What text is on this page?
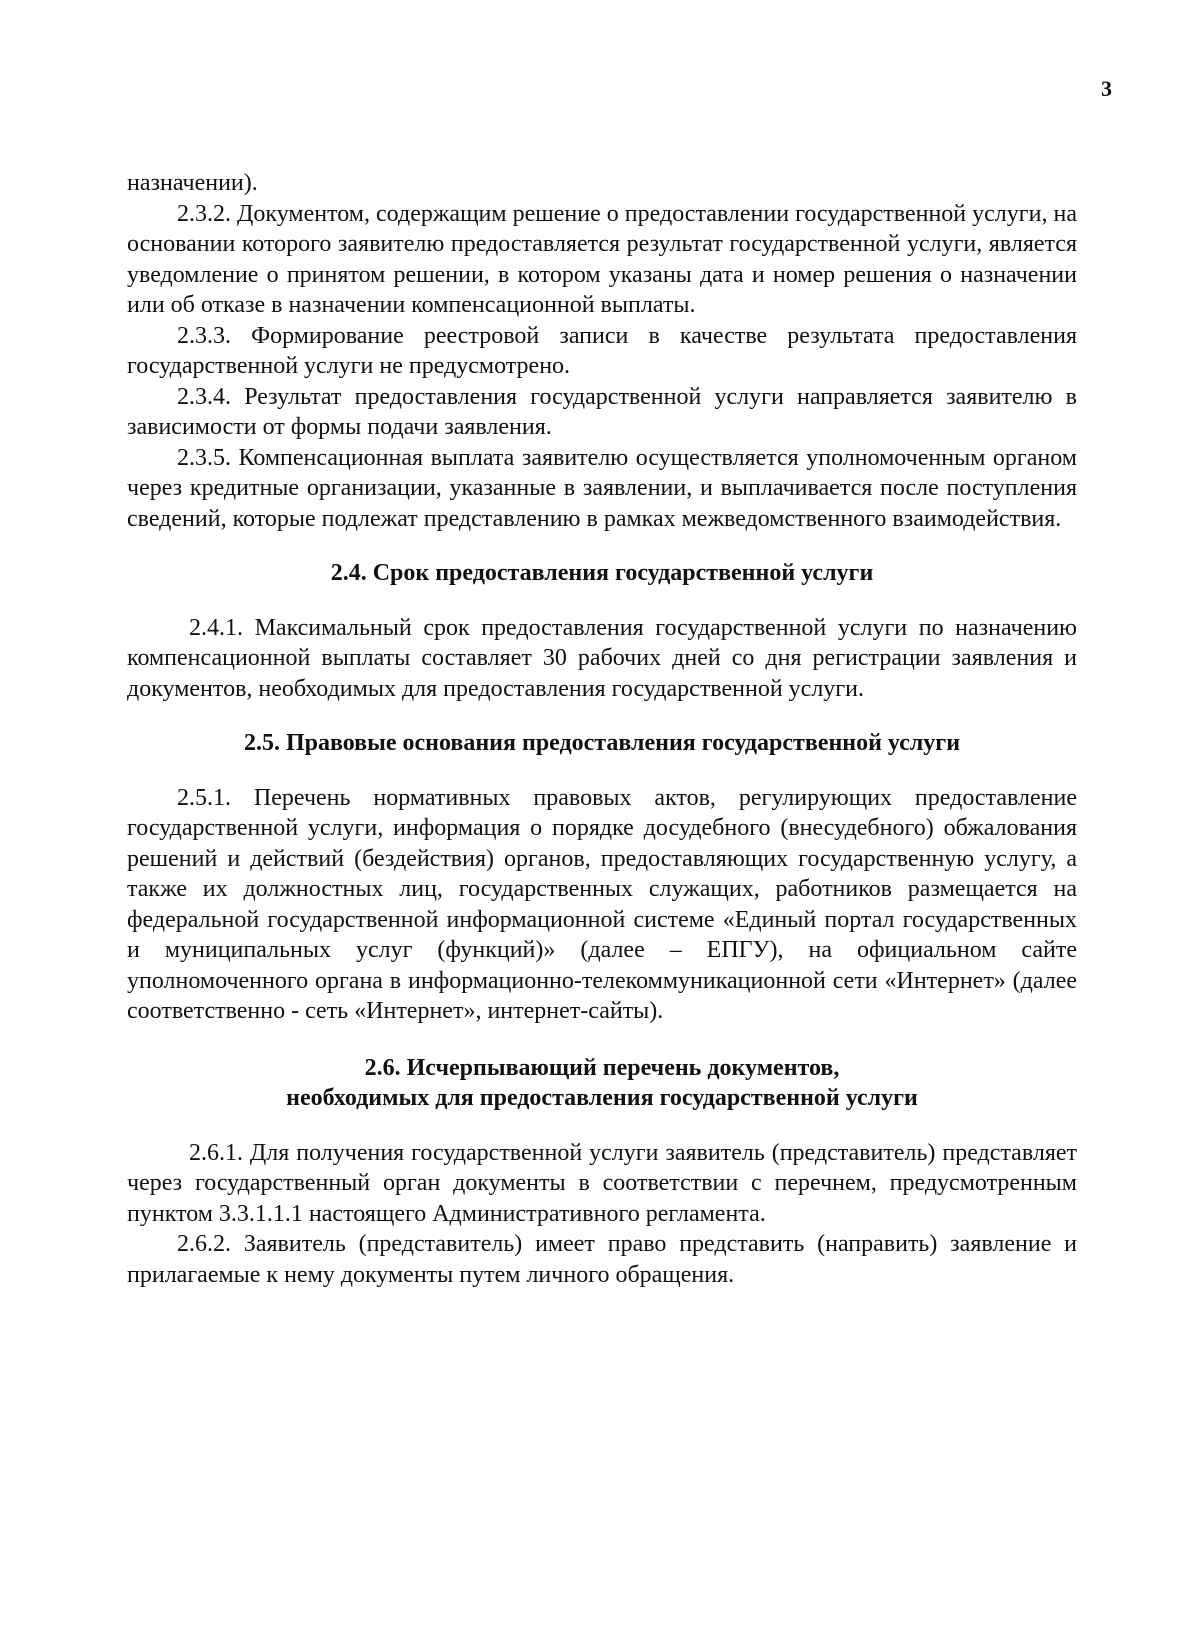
3

назначении).

2.3.2. Документом, содержащим решение о предоставлении государственной услуги, на основании которого заявителю предоставляется результат государственной услуги, является уведомление о принятом решении, в котором указаны дата и номер решения о назначении или об отказе в назначении компенсационной выплаты.

2.3.3. Формирование реестровой записи в качестве результата предоставления государственной услуги не предусмотрено.

2.3.4. Результат предоставления государственной услуги направляется заявителю в зависимости от формы подачи заявления.

2.3.5. Компенсационная выплата заявителю осуществляется уполномоченным органом через кредитные организации, указанные в заявлении, и выплачивается после поступления сведений, которые подлежат представлению в рамках межведомственного взаимодействия.

2.4. Срок предоставления государственной услуги

2.4.1. Максимальный срок предоставления государственной услуги по назначению компенсационной выплаты составляет 30 рабочих дней со дня регистрации заявления и документов, необходимых для предоставления государственной услуги.

2.5. Правовые основания предоставления государственной услуги

2.5.1. Перечень нормативных правовых актов, регулирующих предоставление государственной услуги, информация о порядке досудебного (внесудебного) обжалования решений и действий (бездействия) органов, предоставляющих государственную услугу, а также их должностных лиц, государственных служащих, работников размещается на федеральной государственной информационной системе «Единый портал государственных и муниципальных услуг (функций)» (далее – ЕПГУ), на официальном сайте уполномоченного органа в информационно-телекоммуникационной сети «Интернет» (далее соответственно - сеть «Интернет», интернет-сайты).

2.6. Исчерпывающий перечень документов,
необходимых для предоставления государственной услуги

2.6.1. Для получения государственной услуги заявитель (представитель) представляет через государственный орган документы в соответствии с перечнем, предусмотренным пунктом 3.3.1.1.1 настоящего Административного регламента.

2.6.2. Заявитель (представитель) имеет право представить (направить) заявление и прилагаемые к нему документы путем личного обращения.
